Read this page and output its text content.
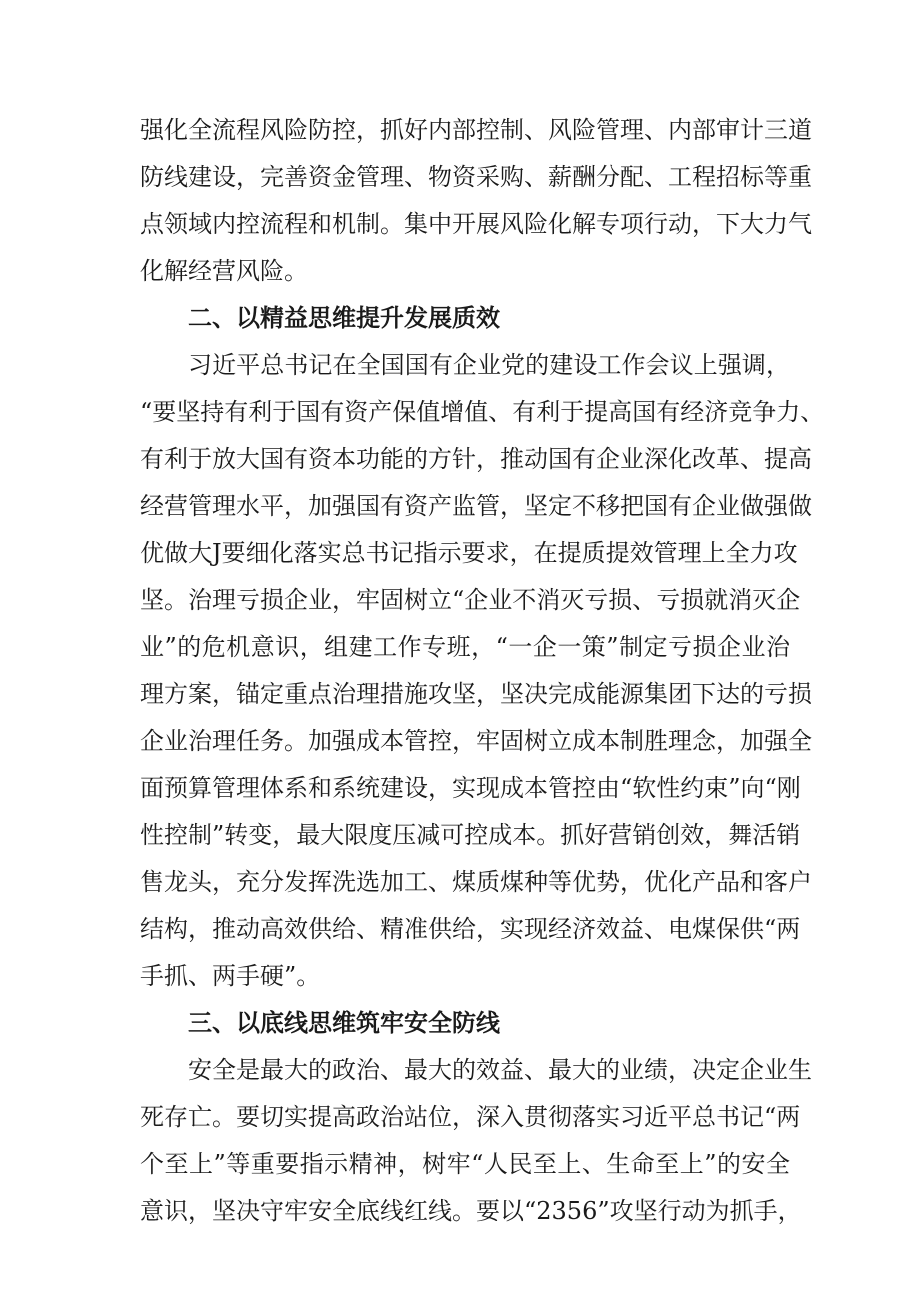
强化全流程风险防控，抓好内部控制、风险管理、内部审计三道
防线建设，完善资金管理、物资采购、薪酬分配、工程招标等重
点领域内控流程和机制。集中开展风险化解专项行动，下大力气
化解经营风险。
二、以精益思维提升发展质效
习近平总书记在全国国有企业党的建设工作会议上强调，
“要坚持有利于国有资产保值增值、有利于提高国有经济竞争力、
有利于放大国有资本功能的方针，推动国有企业深化改革、提高
经营管理水平，加强国有资产监管，坚定不移把国有企业做强做
优做大J要细化落实总书记指示要求，在提质提效管理上全力攻
坚。治理亏损企业，牢固树立“企业不消灭亏损、亏损就消灭企
业”的危机意识，组建工作专班，“一企一策”制定亏损企业治
理方案，锚定重点治理措施攻坚，坚决完成能源集团下达的亏损
企业治理任务。加强成本管控，牢固树立成本制胜理念，加强全
面预算管理体系和系统建设，实现成本管控由“软性约束”向“刚
性控制”转变，最大限度压减可控成本。抓好营销创效，舞活销
售龙头，充分发挥洗选加工、煤质煤种等优势，优化产品和客户
结构，推动高效供给、精准供给，实现经济效益、电煤保供“两
手抓、两手硬”。
三、以底线思维筑牢安全防线
安全是最大的政治、最大的效益、最大的业绩，决定企业生
死存亡。要切实提高政治站位，深入贯彻落实习近平总书记“两
个至上”等重要指示精神，树牢“人民至上、生命至上”的安全
意识，坚决守牢安全底线红线。要以“2356”攻坚行动为抓手，
